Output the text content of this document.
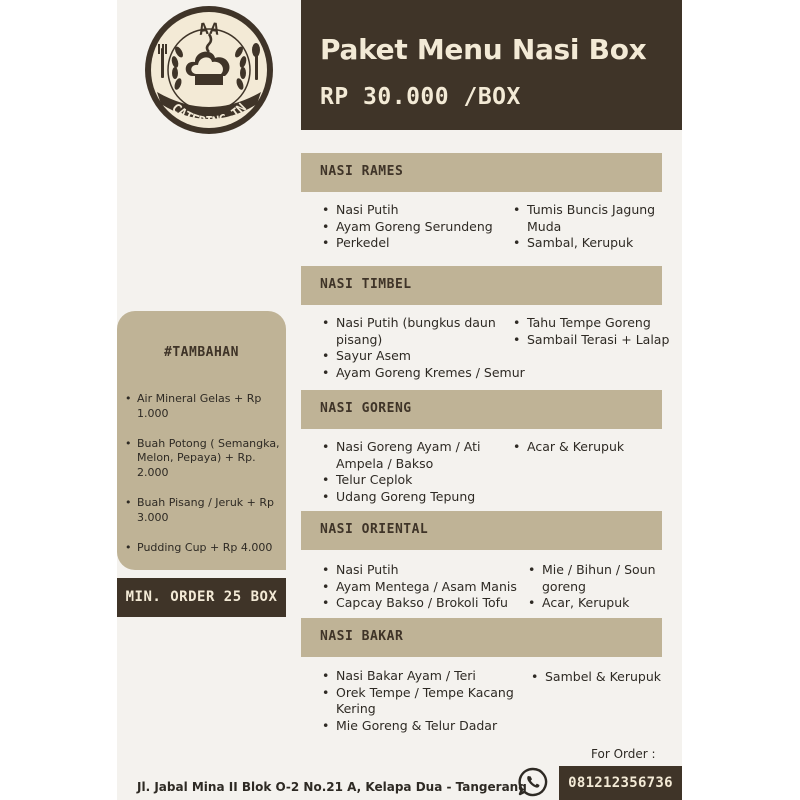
AA
CATERING-IN
Paket Menu Nasi Box
RP 30.000 /BOX
NASI RAMES
• Nasi Putih
• Ayam Goreng Serundeng
• Perkedel
• Tumis Buncis Jagung Muda
• Sambal, Kerupuk
NASI TIMBEL
• Nasi Putih (bungkus daun pisang)
• Sayur Asem
• Ayam Goreng Kremes / Semur
• Tahu Tempe Goreng
• Sambail Terasi + Lalap
NASI GORENG
• Nasi Goreng Ayam / Ati Ampela / Bakso
• Telur Ceplok
• Udang Goreng Tepung
• Acar & Kerupuk
NASI ORIENTAL
• Nasi Putih
• Ayam Mentega / Asam Manis
• Capcay Bakso / Brokoli Tofu
• Mie / Bihun / Soun goreng
• Acar, Kerupuk
NASI BAKAR
• Nasi Bakar Ayam / Teri
• Orek Tempe / Tempe Kacang Kering
• Mie Goreng & Telur Dadar
• Sambel & Kerupuk
#TAMBAHAN
• Air Mineral Gelas + Rp 1.000
• Buah Potong ( Semangka, Melon, Pepaya) + Rp. 2.000
• Buah Pisang / Jeruk + Rp 3.000
• Pudding Cup + Rp 4.000
MIN. ORDER 25 BOX
For Order :
Jl. Jabal Mina II Blok O-2 No.21 A, Kelapa Dua - Tangerang	081212356736
